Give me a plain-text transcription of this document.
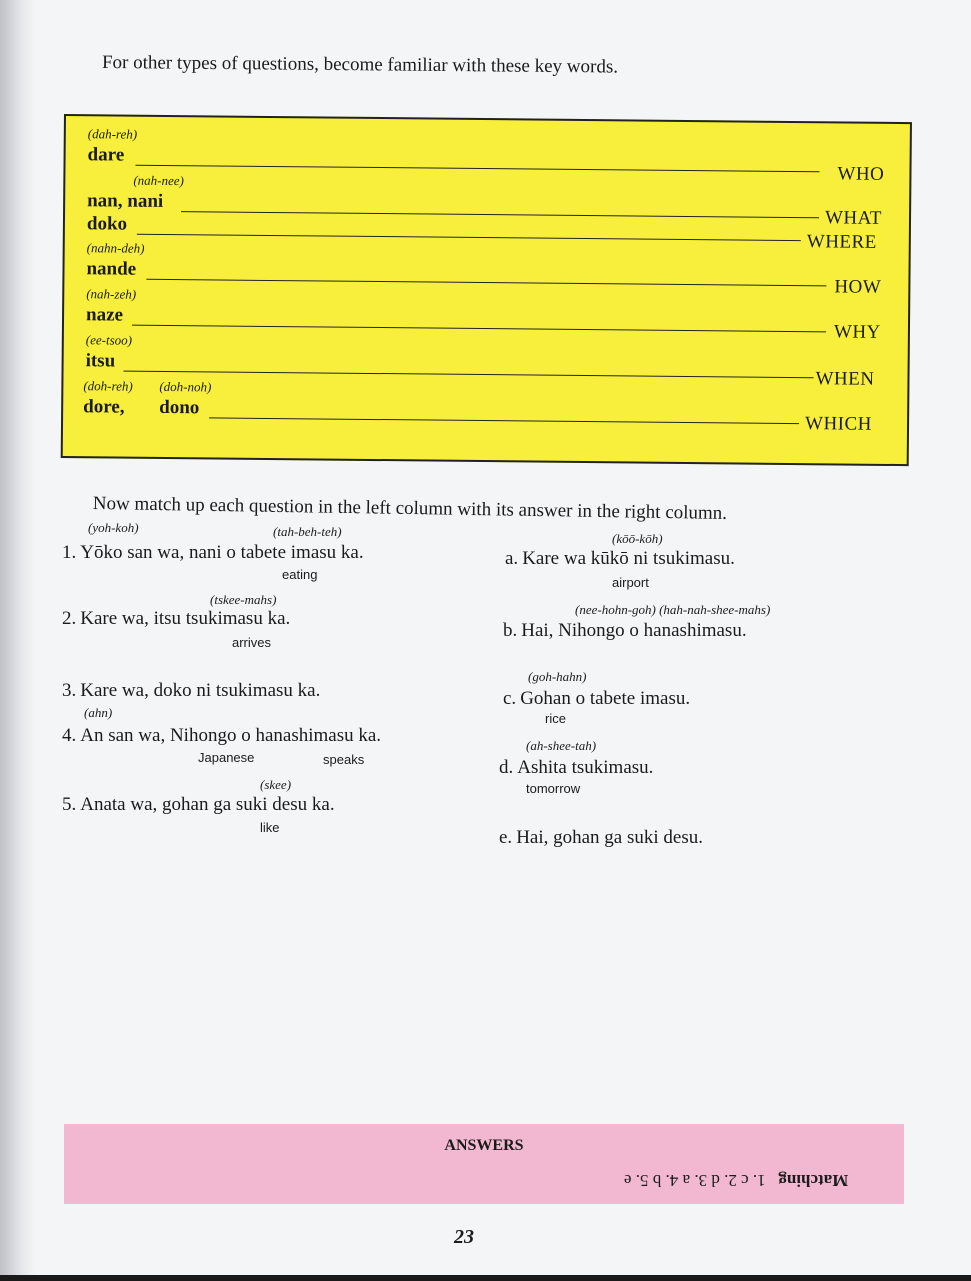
For other types of questions, become familiar with these key words.
(dah-reh)
dare
WHO
(nah-nee)
nan, nani
WHAT
doko
WHERE
(nahn-deh)
nande
HOW
(nah-zeh)
naze
WHY
(ee-tsoo)
itsu
WHEN
(doh-reh) (doh-noh)
dore, dono
WHICH
Now match up each question in the left column with its answer in the right column.
(yoh-koh)	(tah-beh-teh)
1. Yōko san wa, nani o tabete imasu ka.
eating
(tskee-mahs)
2. Kare wa, itsu tsukimasu ka.
arrives
3. Kare wa, doko ni tsukimasu ka.
(ahn)
4. An san wa, Nihongo o hanashimasu ka.
Japanese	speaks
(skee)
5. Anata wa, gohan ga suki desu ka.
like
(kōō-kōh)
a. Kare wa kūkō ni tsukimasu.
airport
(nee-hohn-goh) (hah-nah-shee-mahs)
b. Hai, Nihongo o hanashimasu.
(goh-hahn)
c. Gohan o tabete imasu.
rice
(ah-shee-tah)
d. Ashita tsukimasu.
tomorrow
e. Hai, gohan ga suki desu.
ANSWERS
Matching   1. c 2. d 3. a 4. b 5. e
23
